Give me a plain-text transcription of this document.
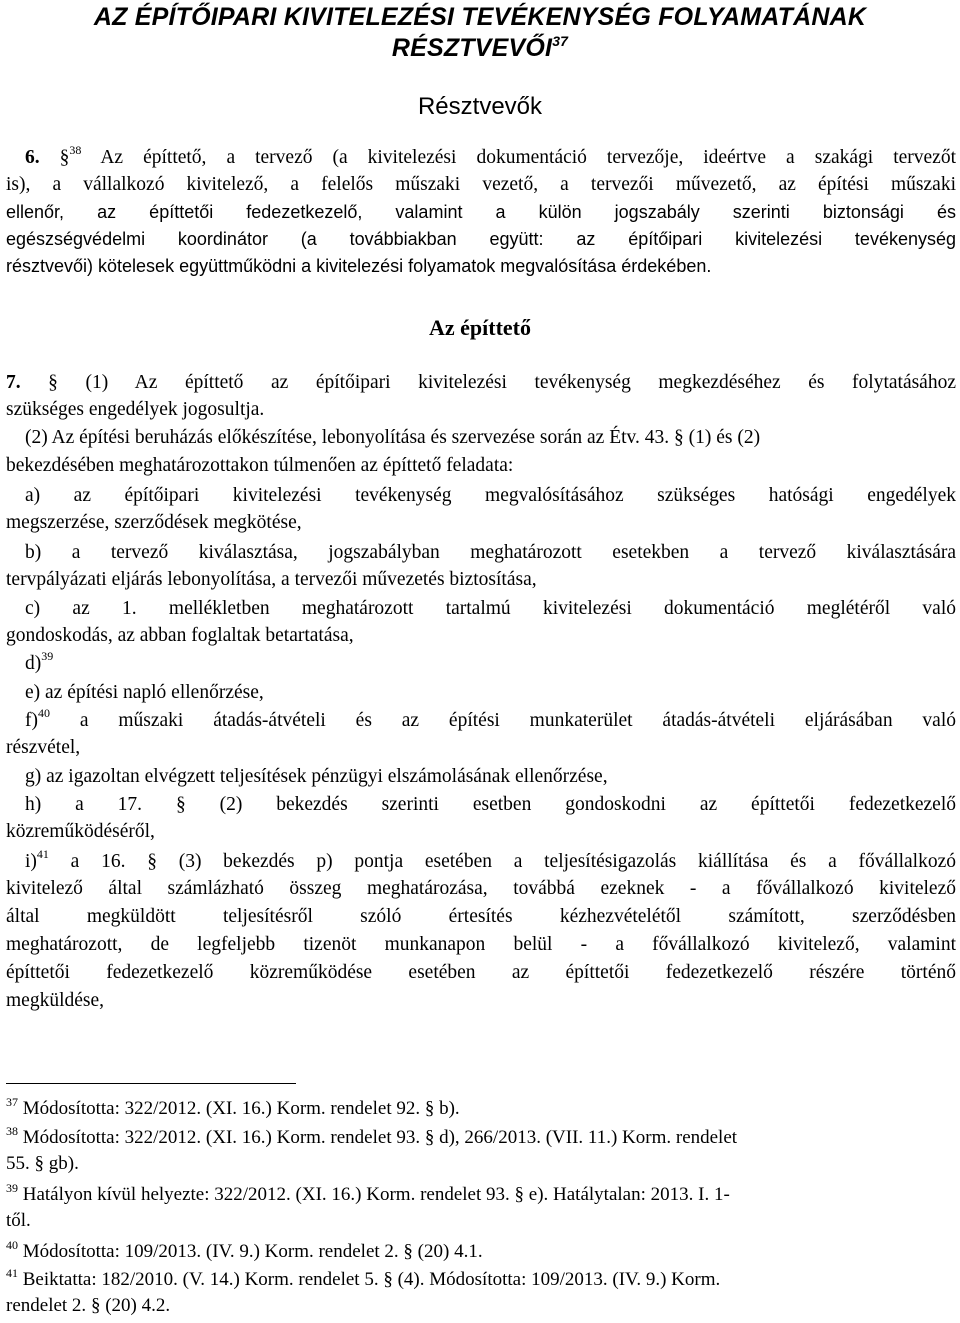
AZ ÉPÍTŐIPARI KIVITELEZÉSI TEVÉKENYSÉG FOLYAMATÁNAK
RÉSZTVEVŐI$^{37}$
Résztvevők
6. §$^{38}$ Az építtető, a tervező (a kivitelezési dokumentáció tervezője, ideértve a szakági tervezőt
is), a vállalkozó kivitelező, a felelős műszaki vezető, a tervezői művezető, az építési műszaki
ellenőr, az építtetői fedezetkezelő, valamint a külön jogszabály szerinti biztonsági és
egészségvédelmi koordinátor (a továbbiakban együtt: az építőipari kivitelezési tevékenység
résztvevői) kötelesek együttműködni a kivitelezési folyamatok megvalósítása érdekében.
Az építtető
7. § (1) Az építtető az építőipari kivitelezési tevékenység megkezdéséhez és folytatásához
szükséges engedélyek jogosultja.
(2) Az építési beruházás előkészítése, lebonyolítása és szervezése során az Étv. 43. § (1) és (2)
bekezdésében meghatározottakon túlmenően az építtető feladata:
a) az építőipari kivitelezési tevékenység megvalósításához szükséges hatósági engedélyek
megszerzése, szerződések megkötése,
b) a tervező kiválasztása, jogszabályban meghatározott esetekben a tervező kiválasztására
tervpályázati eljárás lebonyolítása, a tervezői művezetés biztosítása,
c) az 1. mellékletben meghatározott tartalmú kivitelezési dokumentáció meglétéről való
gondoskodás, az abban foglaltak betartatása,
d)$^{39}$
e) az építési napló ellenőrzése,
f)$^{40}$ a műszaki átadás-átvételi és az építési munkaterület átadás-átvételi eljárásában való
részvétel,
g) az igazoltan elvégzett teljesítések pénzügyi elszámolásának ellenőrzése,
h) a 17. § (2) bekezdés szerinti esetben gondoskodni az építtetői fedezetkezelő
közreműködéséről,
i)$^{41}$ a 16. § (3) bekezdés p) pontja esetében a teljesítésigazolás kiállítása és a fővállalkozó
kivitelező által számlázható összeg meghatározása, továbbá ezeknek - a fővállalkozó kivitelező
által megküldött teljesítésről szóló értesítés kézhezvételétől számított, szerződésben
meghatározott, de legfeljebb tizenöt munkanapon belül - a fővállalkozó kivitelező, valamint
építtetői fedezetkezelő közreműködése esetében az építtetői fedezetkezelő részére történő
megküldése,
$^{37}$ Módosította: 322/2012. (XI. 16.) Korm. rendelet 92. § b).
$^{38}$ Módosította: 322/2012. (XI. 16.) Korm. rendelet 93. § d), 266/2013. (VII. 11.) Korm. rendelet
55. § gb).
$^{39}$ Hatályon kívül helyezte: 322/2012. (XI. 16.) Korm. rendelet 93. § e). Hatálytalan: 2013. I. 1-
től.
$^{40}$ Módosította: 109/2013. (IV. 9.) Korm. rendelet 2. § (20) 4.1.
$^{41}$ Beiktatta: 182/2010. (V. 14.) Korm. rendelet 5. § (4). Módosította: 109/2013. (IV. 9.) Korm.
rendelet 2. § (20) 4.2.
